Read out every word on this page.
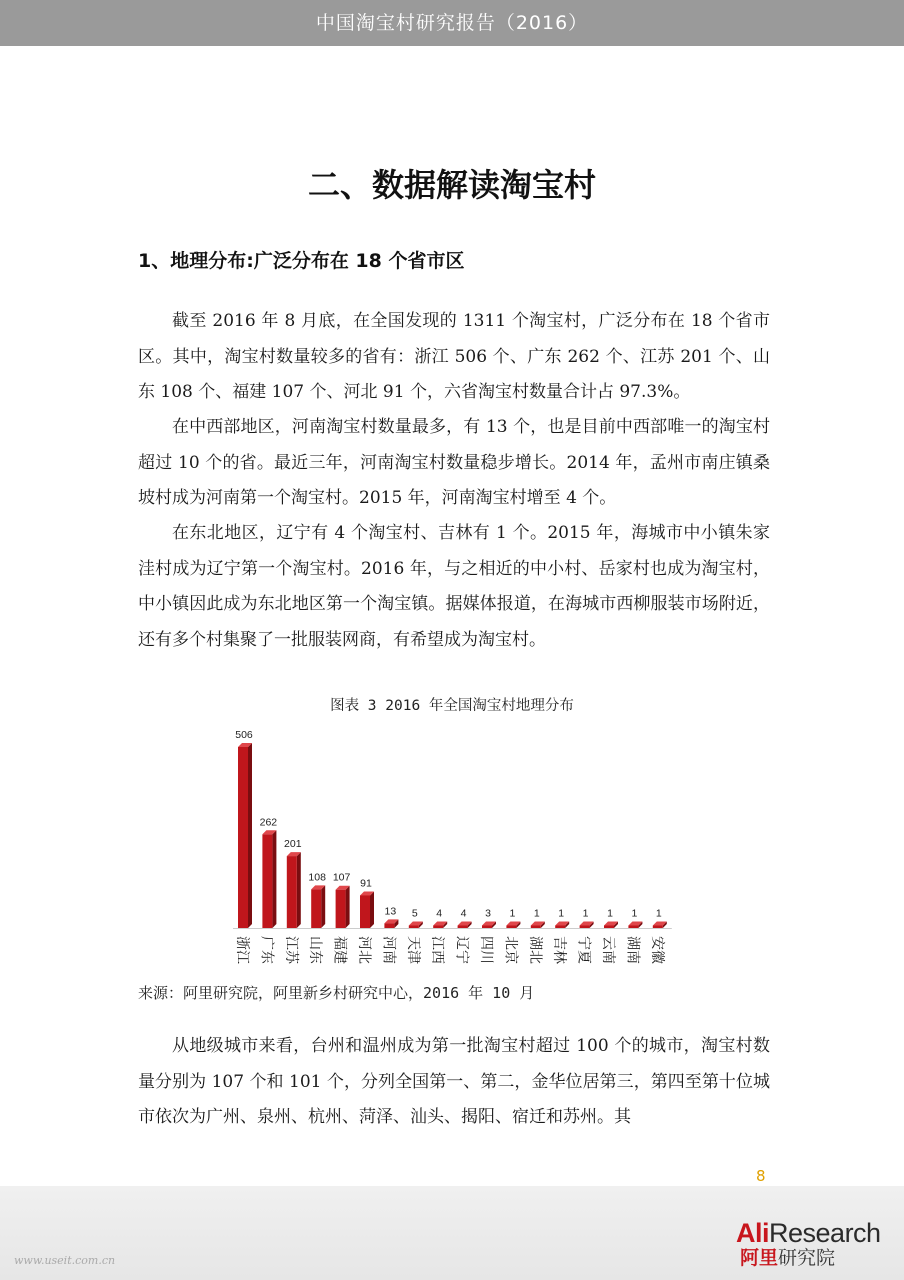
中国淘宝村研究报告（2016）
二、数据解读淘宝村
1、地理分布:广泛分布在 18 个省市区

截至 2016 年 8 月底，在全国发现的 1311 个淘宝村，广泛分布在 18 个省市区。其中，淘宝村数量较多的省有：浙江 506 个、广东 262 个、江苏 201 个、山东 108 个、福建 107 个、河北 91 个，六省淘宝村数量合计占 97.3%。

在中西部地区，河南淘宝村数量最多，有 13 个，也是目前中西部唯一的淘宝村超过 10 个的省。最近三年，河南淘宝村数量稳步增长。2014 年，孟州市南庄镇桑坡村成为河南第一个淘宝村。2015 年，河南淘宝村增至 4 个。

在东北地区，辽宁有 4 个淘宝村、吉林有 1 个。2015 年，海城市中小镇朱家洼村成为辽宁第一个淘宝村。2016 年，与之相近的中小村、岳家村也成为淘宝村，中小镇因此成为东北地区第一个淘宝镇。据媒体报道，在海城市西柳服装市场附近，还有多个村集聚了一批服装网商，有希望成为淘宝村。

图表 3 2016 年全国淘宝村地理分布
506
浙江
262
广东
201
江苏
108
山东
107
福建
91
河北
13
河南
5
天津
4
江西
4
辽宁
3
四川
1
北京
1
湖北
1
吉林
1
宁夏
1
云南
1
湖南
1
安徽
来源：阿里研究院，阿里新乡村研究中心，2016 年 10 月

从地级城市来看，台州和温州成为第一批淘宝村超过 100 个的城市，淘宝村数量分别为 107 个和 101 个，分列全国第一、第二，金华位居第三，第四至第十位城市依次为广州、泉州、杭州、菏泽、汕头、揭阳、宿迁和苏州。其

8
www.useit.com.cn
AliResearch
阿里研究院
